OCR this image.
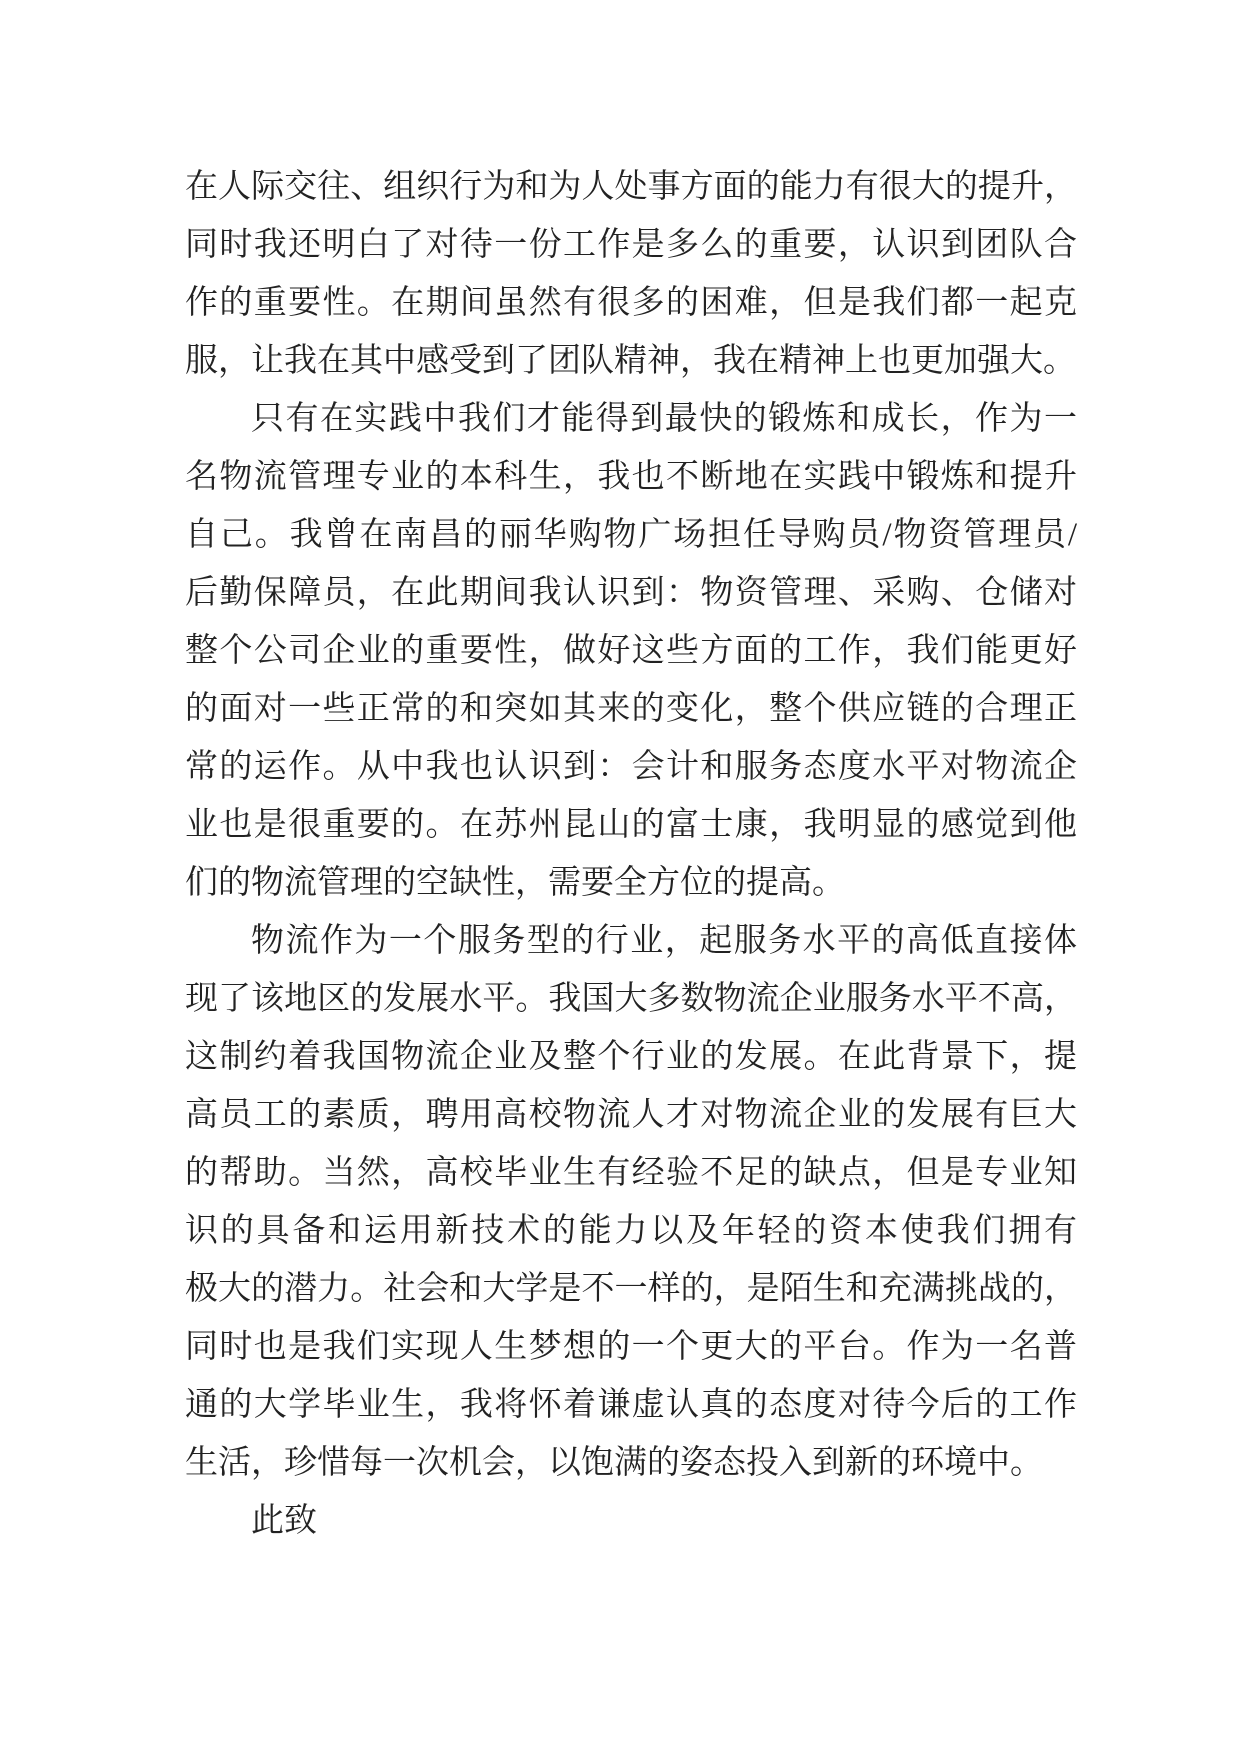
在人际交往、组织行为和为人处事方面的能力有很大的提升，
同时我还明白了对待一份工作是多么的重要，认识到团队合
作的重要性。在期间虽然有很多的困难，但是我们都一起克
服，让我在其中感受到了团队精神，我在精神上也更加强大。
只有在实践中我们才能得到最快的锻炼和成长，作为一
名物流管理专业的本科生，我也不断地在实践中锻炼和提升
自己。我曾在南昌的丽华购物广场担任导购员/物资管理员/
后勤保障员，在此期间我认识到：物资管理、采购、仓储对
整个公司企业的重要性，做好这些方面的工作，我们能更好
的面对一些正常的和突如其来的变化，整个供应链的合理正
常的运作。从中我也认识到：会计和服务态度水平对物流企
业也是很重要的。在苏州昆山的富士康，我明显的感觉到他
们的物流管理的空缺性，需要全方位的提高。
物流作为一个服务型的行业，起服务水平的高低直接体
现了该地区的发展水平。我国大多数物流企业服务水平不高，
这制约着我国物流企业及整个行业的发展。在此背景下，提
高员工的素质，聘用高校物流人才对物流企业的发展有巨大
的帮助。当然，高校毕业生有经验不足的缺点，但是专业知
识的具备和运用新技术的能力以及年轻的资本使我们拥有
极大的潜力。社会和大学是不一样的，是陌生和充满挑战的，
同时也是我们实现人生梦想的一个更大的平台。作为一名普
通的大学毕业生，我将怀着谦虚认真的态度对待今后的工作
生活，珍惜每一次机会，以饱满的姿态投入到新的环境中。
此致
